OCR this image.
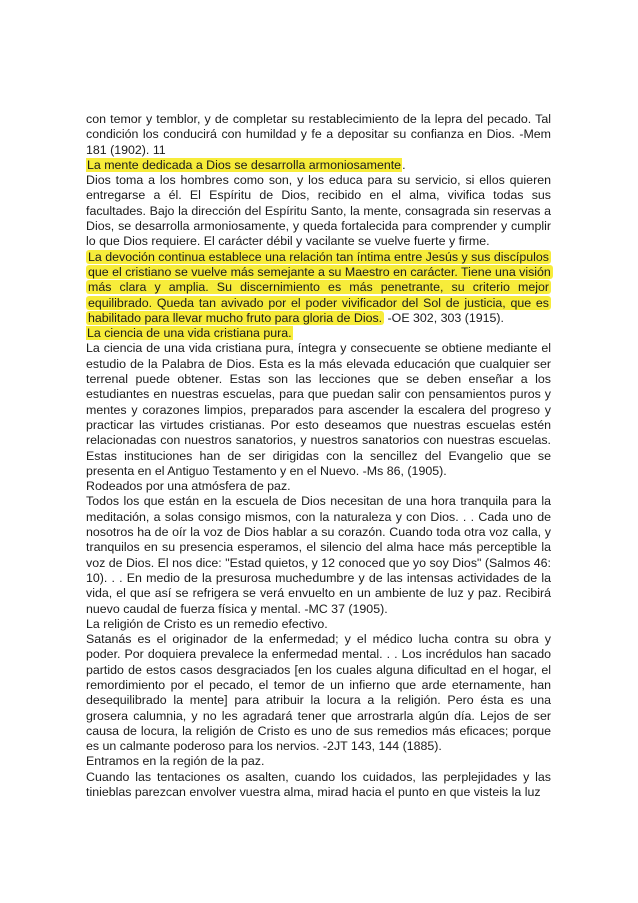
con temor y temblor, y de completar su restablecimiento de la lepra del pecado. Tal condición los conducirá con humildad y fe a depositar su confianza en Dios. -Mem 181 (1902). 11

La mente dedicada a Dios se desarrolla armoniosamente.

Dios toma a los hombres como son, y los educa para su servicio, si ellos quieren entregarse a él. El Espíritu de Dios, recibido en el alma, vivifica todas sus facultades. Bajo la dirección del Espíritu Santo, la mente, consagrada sin reservas a Dios, se desarrolla armoniosamente, y queda fortalecida para comprender y cumplir lo que Dios requiere. El carácter débil y vacilante se vuelve fuerte y firme.

La devoción continua establece una relación tan íntima entre Jesús y sus discípulos que el cristiano se vuelve más semejante a su Maestro en carácter. Tiene una visión más clara y amplia. Su discernimiento es más penetrante, su criterio mejor equilibrado. Queda tan avivado por el poder vivificador del Sol de justicia, que es habilitado para llevar mucho fruto para gloria de Dios. -OE 302, 303 (1915).

La ciencia de una vida cristiana pura.

La ciencia de una vida cristiana pura, íntegra y consecuente se obtiene mediante el estudio de la Palabra de Dios. Esta es la más elevada educación que cualquier ser terrenal puede obtener. Estas son las lecciones que se deben enseñar a los estudiantes en nuestras escuelas, para que puedan salir con pensamientos puros y mentes y corazones limpios, preparados para ascender la escalera del progreso y practicar las virtudes cristianas. Por esto deseamos que nuestras escuelas estén relacionadas con nuestros sanatorios, y nuestros sanatorios con nuestras escuelas. Estas instituciones han de ser dirigidas con la sencillez del Evangelio que se presenta en el Antiguo Testamento y en el Nuevo. -Ms 86, (1905).

Rodeados por una atmósfera de paz.

Todos los que están en la escuela de Dios necesitan de una hora tranquila para la meditación, a solas consigo mismos, con la naturaleza y con Dios. . . Cada uno de nosotros ha de oír la voz de Dios hablar a su corazón. Cuando toda otra voz calla, y tranquilos en su presencia esperamos, el silencio del alma hace más perceptible la voz de Dios. El nos dice: "Estad quietos, y 12 conoced que yo soy Dios" (Salmos 46: 10). . . En medio de la presurosa muchedumbre y de las intensas actividades de la vida, el que así se refrigera se verá envuelto en un ambiente de luz y paz. Recibirá nuevo caudal de fuerza física y mental. -MC 37 (1905).

La religión de Cristo es un remedio efectivo.

Satanás es el originador de la enfermedad; y el médico lucha contra su obra y poder. Por doquiera prevalece la enfermedad mental. . . Los incrédulos han sacado partido de estos casos desgraciados [en los cuales alguna dificultad en el hogar, el remordimiento por el pecado, el temor de un infierno que arde eternamente, han desequilibrado la mente] para atribuir la locura a la religión. Pero ésta es una grosera calumnia, y no les agradará tener que arrostrarla algún día. Lejos de ser causa de locura, la religión de Cristo es uno de sus remedios más eficaces; porque es un calmante poderoso para los nervios. -2JT 143, 144 (1885).

Entramos en la región de la paz.

Cuando las tentaciones os asalten, cuando los cuidados, las perplejidades y las tinieblas parezcan envolver vuestra alma, mirad hacia el punto en que visteis la luz
